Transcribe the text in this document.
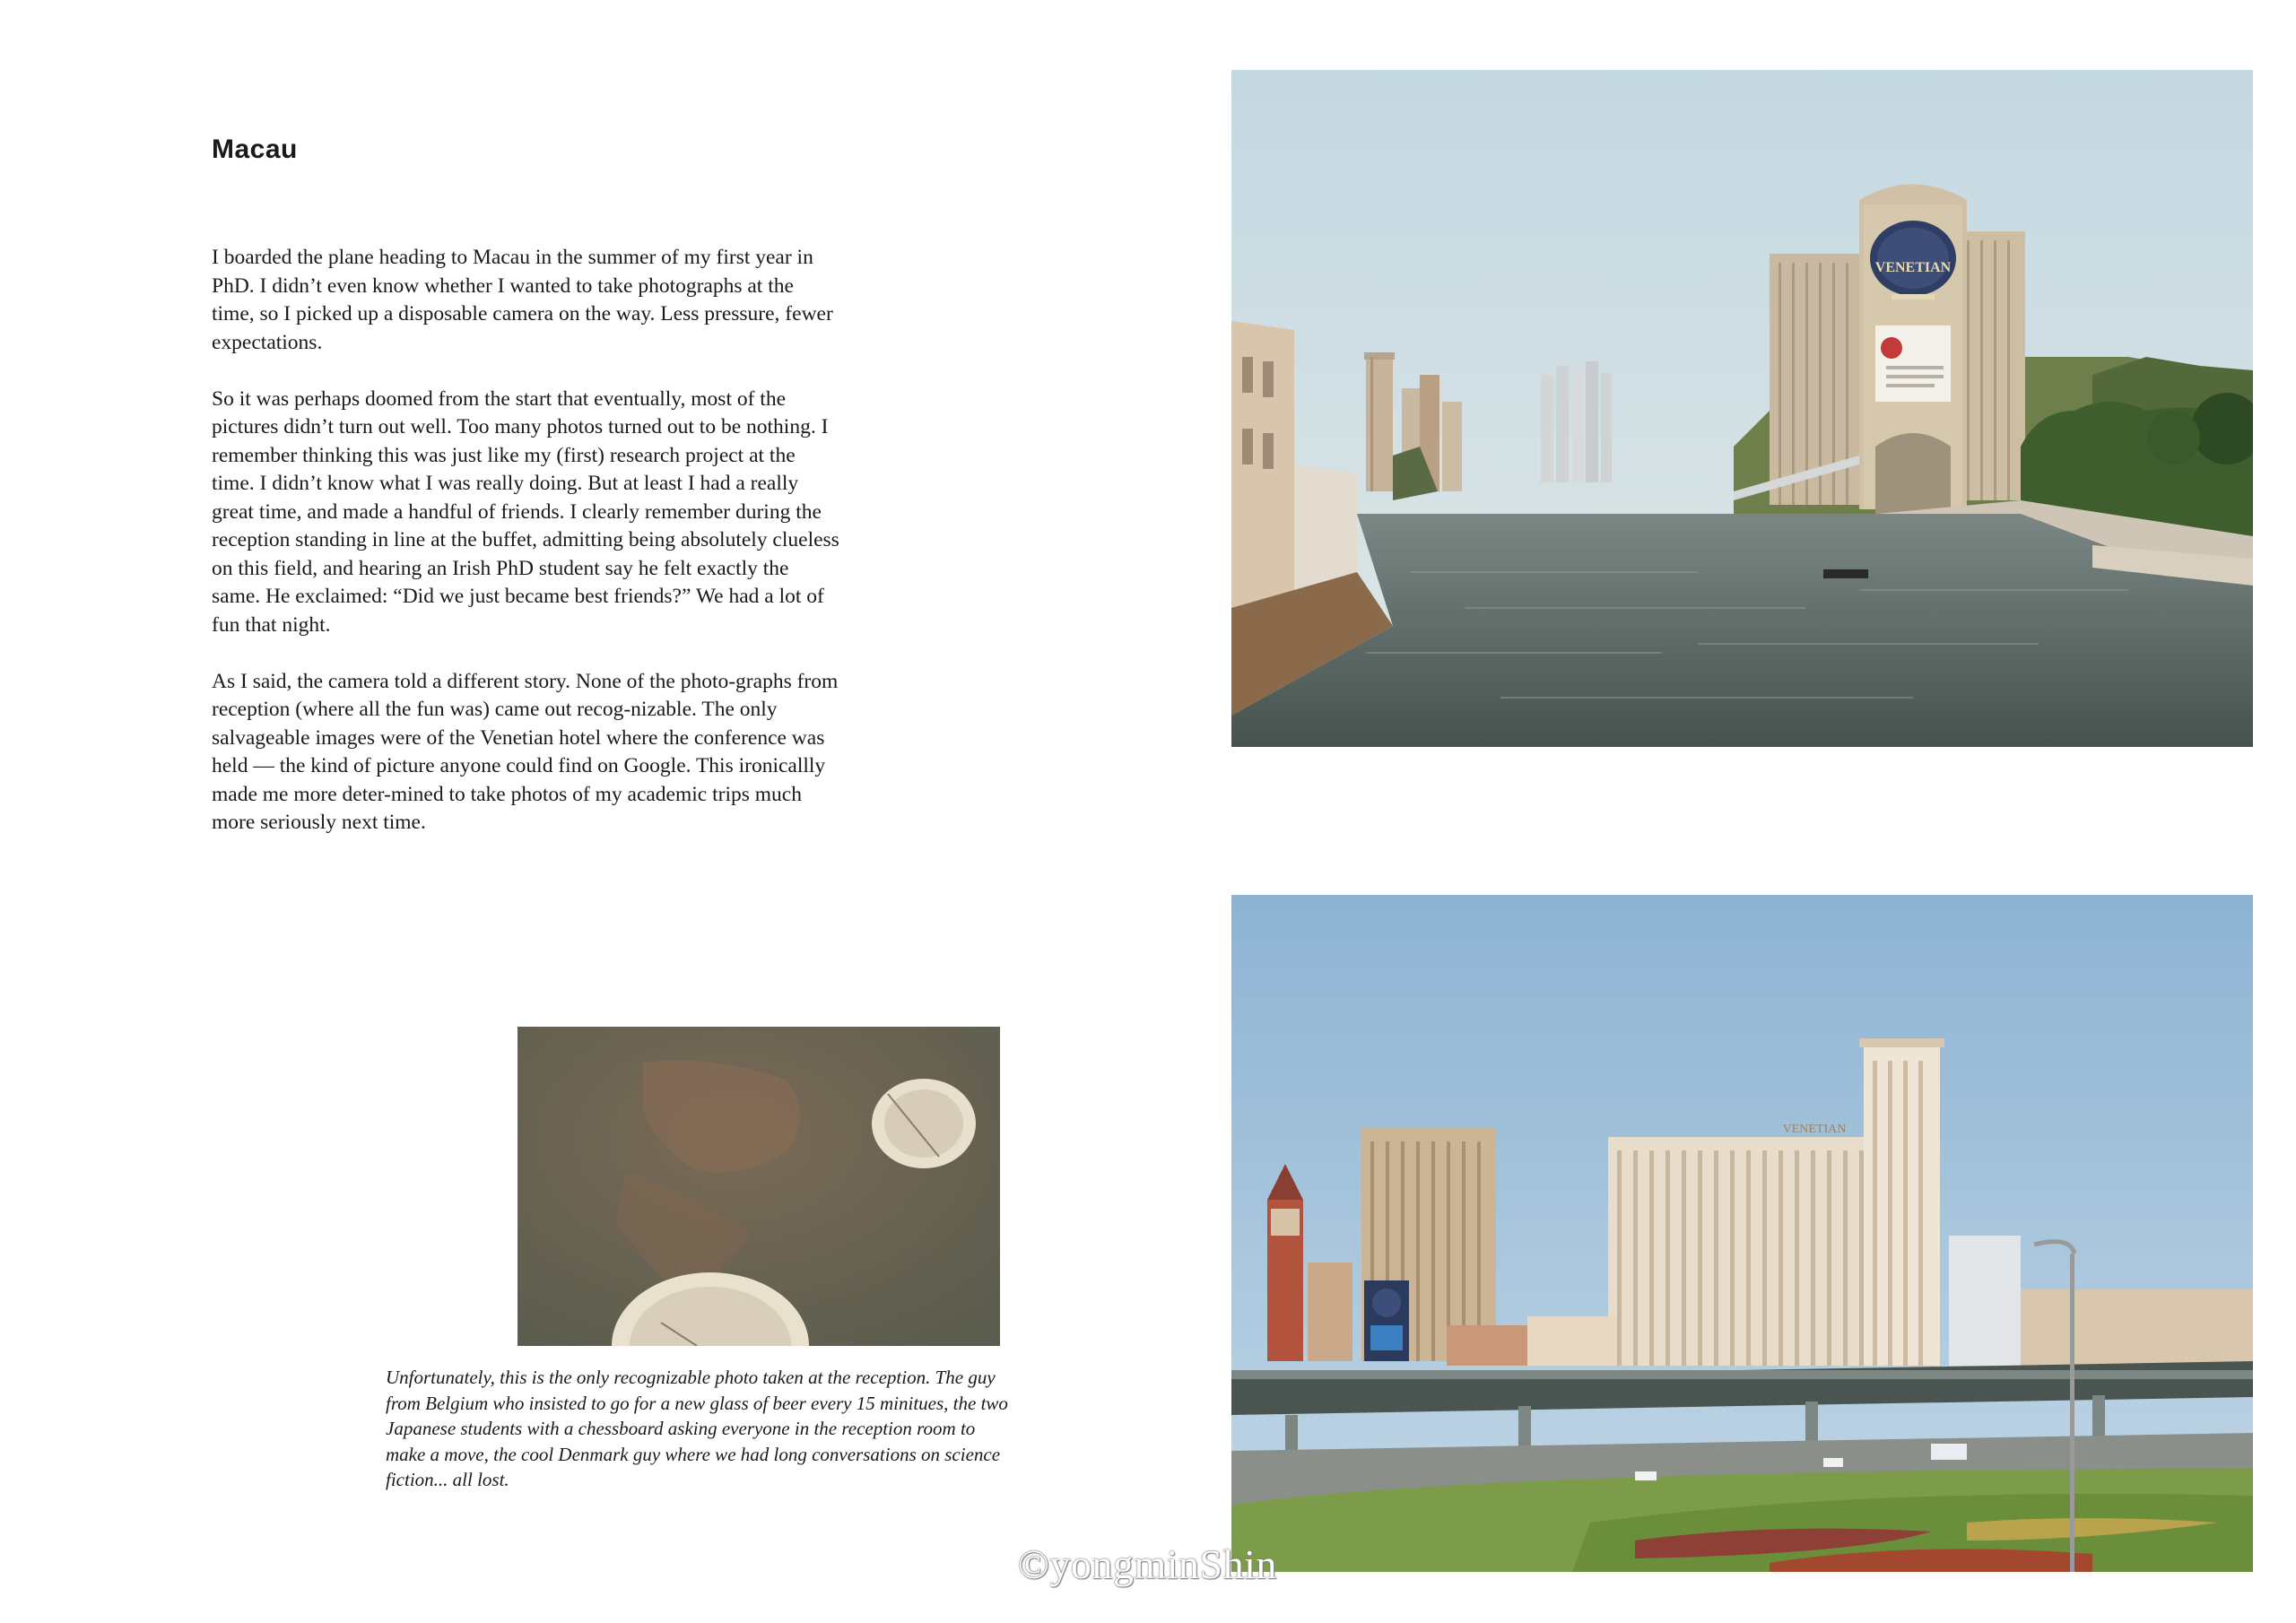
Macau

I boarded the plane heading to Macau in the summer of my first year in PhD. I didn’t even know whether I wanted to take photographs at the time, so I picked up a disposable camera on the way. Less pressure, fewer expectations.

So it was perhaps doomed from the start that eventually, most of the pictures didn’t turn out well. Too many photos turned out to be nothing. I remember thinking this was just like my (first) research project at the time. I didn’t know what I was really doing. But at least I had a really great time, and made a handful of friends. I clearly remember during the reception standing in line at the buffet, admitting being absolutely clueless on this field, and hearing an Irish PhD student say he felt exactly the same. He exclaimed: “Did we just became best friends?” We had a lot of fun that night.

As I said, the camera told a different story. None of the photo-graphs from reception (where all the fun was) came out recog-nizable. The only salvageable images were of the Venetian hotel where the conference was held — the kind of picture anyone could find on Google. This ironicallly made me more deter-mined to take photos of my academic trips much more seriously next time.

VENETIAN
VENETIAN
Unfortunately, this is the only recognizable photo taken at the reception. The guy from Belgium who insisted to go for a new glass of beer every 15 minitues, the two Japanese students with a chessboard asking everyone in the reception room to make a move, the cool Denmark guy where we had long conversations on science fiction... all lost.
©yongminShin
